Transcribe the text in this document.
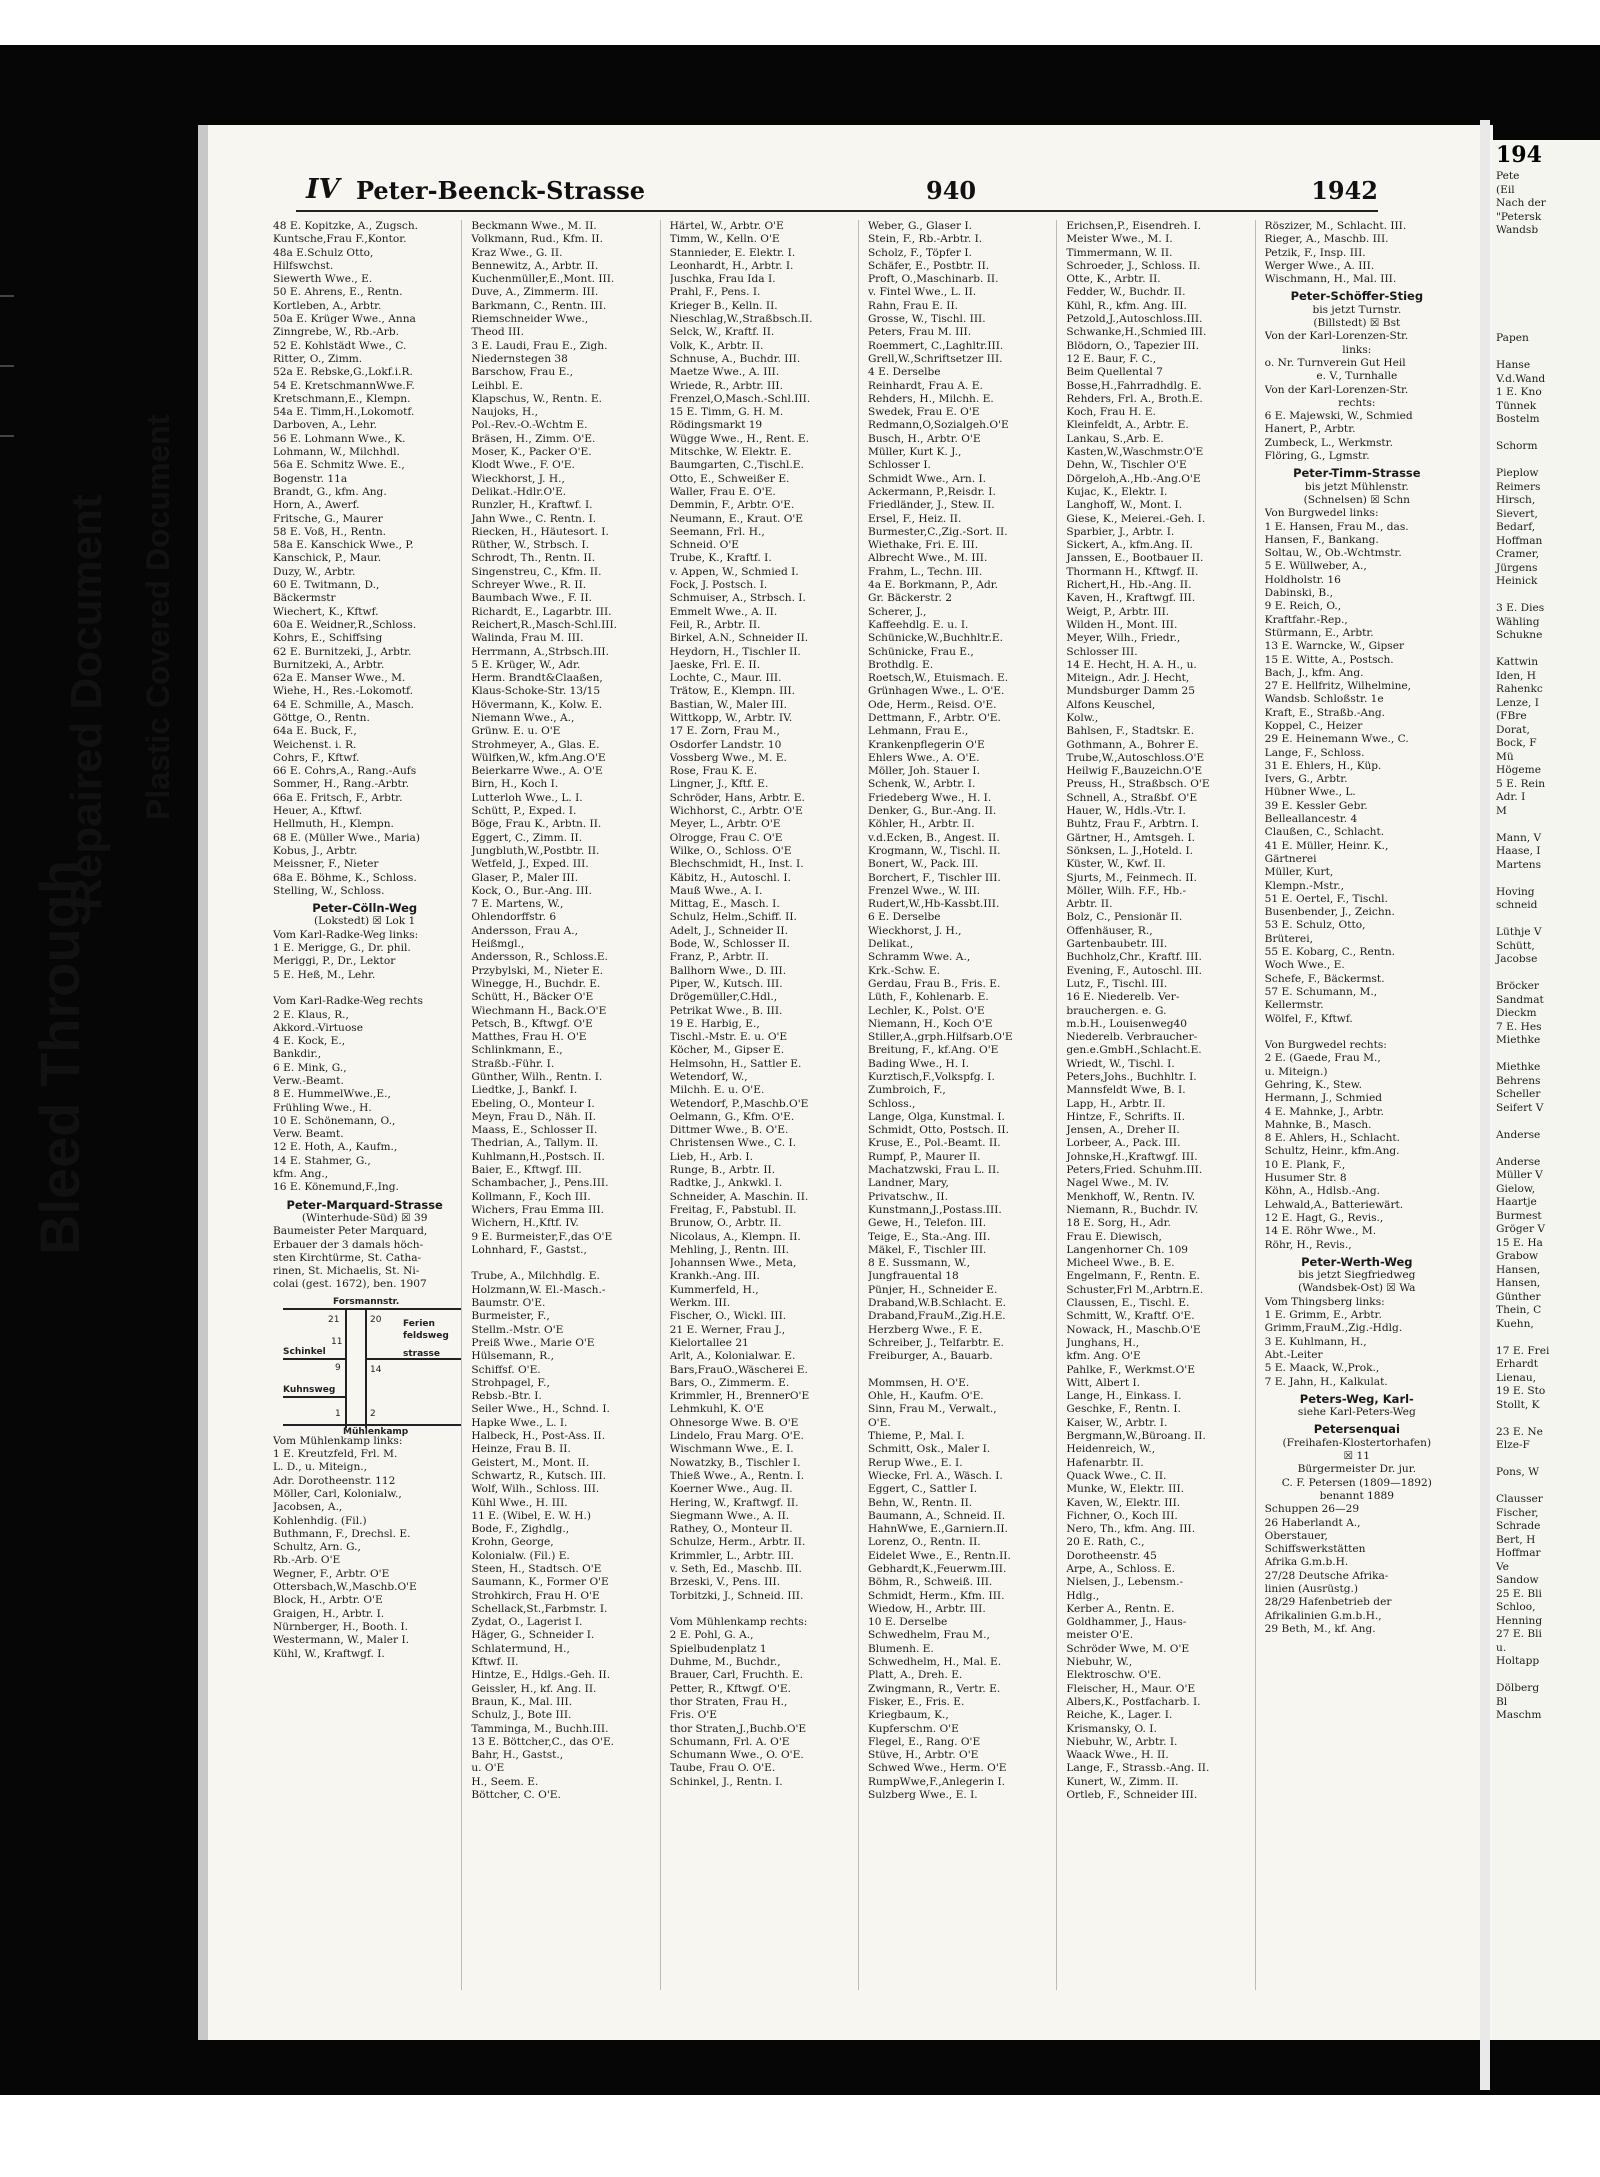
Bleed Through
Repaired Document Plastic Covered Document
IV Peter-Beenck-Strasse	940	1942
48 E. Kopitzke, A., Zugsch.
Kuntsche,Frau F.,Kontor.
48a E.Schulz Otto,
Hilfswchst.
Siewerth Wwe., E.
50 E. Ahrens, E., Rentn.
Kortleben, A., Arbtr.
50a E. Krüger Wwe., Anna
Zinngrebe, W., Rb.-Arb.
52 E. Kohlstädt Wwe., C.
Ritter, O., Zimm.
52a E. Rebske,G.,Lokf.i.R.
54 E. KretschmannWwe.F.
Kretschmann,E., Klempn.
54a E. Timm,H.,Lokomotf.
Darboven, A., Lehr.
56 E. Lohmann Wwe., K.
Lohmann, W., Milchhdl.
56a E. Schmitz Wwe. E.,
Bogenstr. 11a
Brandt, G., kfm. Ang.
Horn, A., Awerf.
Fritsche, G., Maurer
58 E. Voß, H., Rentn.
58a E. Kanschick Wwe., P.
Kanschick, P., Maur.
Duzy, W., Arbtr.
60 E. Twitmann, D.,
Bäckermstr
Wiechert, K., Kftwf.
60a E. Weidner,R.,Schloss.
Kohrs, E., Schiffsing
62 E. Burnitzeki, J., Arbtr.
Burnitzeki, A., Arbtr.
62a E. Manser Wwe., M.
Wiehe, H., Res.-Lokomotf.
64 E. Schmille, A., Masch.
Göttge, O., Rentn.
64a E. Buck, F.,
Weichenst. i. R.
Cohrs, F., Kftwf.
66 E. Cohrs,A., Rang.-Aufs
Sommer, H., Rang.-Arbtr.
66a E. Fritsch, F., Arbtr.
Heuer, A., Kftwf.
Hellmuth, H., Klempn.
68 E. (Müller Wwe., Maria)
Kobus, J., Arbtr.
Meissner, F., Nieter
68a E. Böhme, K., Schloss.
Stelling, W., Schloss.
Peter-Cölln-Weg
(Lokstedt) ☒ Lok 1
Vom Karl-Radke-Weg links:
1 E. Merigge, G., Dr. phil.
Meriggi, P., Dr., Lektor
5 E. Heß, M., Lehr.

Vom Karl-Radke-Weg rechts
2 E. Klaus, R.,
Akkord.-Virtuose
4 E. Kock, E.,
Bankdir.,
6 E. Mink, G.,
Verw.-Beamt.
8 E. HummelWwe.,E.,
Frühling Wwe., H.
10 E. Schönemann, O.,
Verw. Beamt.
12 E. Hoth, A., Kaufm.,
14 E. Stahmer, G.,
kfm. Ang.,
16 E. Könemund,F.,Ing.
Peter-Marquard-Strasse
(Winterhude-Süd) ☒ 39
Baumeister Peter Marquard,
Erbauer der 3 damals höch-
sten Kirchtürme, St. Catha-
rinen, St. Michaelis, St. Ni-
colai (gest. 1672), ben. 1907
Forsmannstr.
Schinkel
Kuhnsweg
Ferien
feldsweg
strasse
Mühlenkamp
21	20
11
9	14
1	2
Vom Mühlenkamp links:
1 E. Kreutzfeld, Frl. M.
L. D., u. Miteign.,
Adr. Dorotheenstr. 112
Möller, Carl, Kolonialw.,
Jacobsen, A.,
Kohlenhdig. (Fil.)
Buthmann, F., Drechsl. E.
Schultz, Arn. G.,
Rb.-Arb. O'E
Wegner, F., Arbtr. O'E
Ottersbach,W.,Maschb.O'E
Block, H., Arbtr. O'E
Graigen, H., Arbtr. I.
Nürnberger, H., Booth. I.
Westermann, W., Maler I.
Kühl, W., Kraftwgf. I.
Beckmann Wwe., M. II.
Volkmann, Rud., Kfm. II.
Kraz Wwe., G. II.
Bennewitz, A., Arbtr. II.
Kuchenmüller,E.,Mont. III.
Duve, A., Zimmerm. III.
Barkmann, C., Rentn. III.
Riemschneider Wwe.,
Theod III.
3 E. Laudi, Frau E., Zigh.
Niedernstegen 38
Barschow, Frau E.,
Leihbl. E.
Klapschus, W., Rentn. E.
Naujoks, H.,
Pol.-Rev.-O.-Wchtm E.
Bräsen, H., Zimm. O'E.
Moser, K., Packer O'E.
Klodt Wwe., F. O'E.
Wieckhorst, J. H.,
Delikat.-Hdlr.O'E.
Runzler, H., Kraftwf. I.
Jahn Wwe., C. Rentn. I.
Riecken, H., Häutesort. I.
Rüther, W., Strbsch. I.
Schrodt, Th., Rentn. II.
Singenstreu, C., Kfm. II.
Schreyer Wwe., R. II.
Baumbach Wwe., F. II.
Richardt, E., Lagarbtr. III.
Reichert,R.,Masch-Schl.III.
Walinda, Frau M. III.
Herrmann, A.,Strbsch.III.
5 E. Krüger, W., Adr.
Herm. Brandt&Claaßen,
Klaus-Schoke-Str. 13/15
Hövermann, K., Kolw. E.
Niemann Wwe., A.,
Grünw. E. u. O'E
Strohmeyer, A., Glas. E.
Wülfken,W., kfm.Ang.O'E
Beierkarre Wwe., A. O'E
Birn, H., Koch I.
Lutterloh Wwe., L. I.
Schütt, P., Exped. I.
Böge, Frau K., Arbtn. II.
Eggert, C., Zimm. II.
Jungbluth,W.,Postbtr. II.
Wetfeld, J., Exped. III.
Glaser, P., Maler III.
Kock, O., Bur.-Ang. III.
7 E. Martens, W.,
Ohlendorffstr. 6
Andersson, Frau A.,
Heißmgl.,
Andersson, R., Schloss.E.
Przybylski, M., Nieter E.
Winegge, H., Buchdr. E.
Schütt, H., Bäcker O'E
Wiechmann H., Back.O'E
Petsch, B., Kftwgf. O'E
Matthes, Frau H. O'E
Schlinkmann, E.,
Straßb.-Führ. I.
Günther, Wilh., Rentn. I.
Liedtke, J., Bankf. I.
Ebeling, O., Monteur I.
Meyn, Frau D., Näh. II.
Maass, E., Schlosser II.
Thedrian, A., Tallym. II.
Kuhlmann,H.,Postsch. II.
Baier, E., Kftwgf. III.
Schambacher, J., Pens.III.
Kollmann, F., Koch III.
Wichers, Frau Emma III.
Wichern, H.,Kftf. IV.
9 E. Burmeister,F.,das O'E
Lohnhard, F., Gastst.,

Trube, A., Milchhdlg. E.
Holzmann,W. El.-Masch.-
Baumstr. O'E.
Burmeister, F.,
Stellm.-Mstr. O'E
Preiß Wwe., Marie O'E
Hülsemann, R.,
Schiffsf. O'E.
Strohpagel, F.,
Rebsb.-Btr. I.
Seiler Wwe., H., Schnd. I.
Hapke Wwe., L. I.
Halbeck, H., Post-Ass. II.
Heinze, Frau B. II.
Geistert, M., Mont. II.
Schwartz, R., Kutsch. III.
Wolf, Wilh., Schloss. III.
Kühl Wwe., H. III.
11 E. (Wibel, E. W. H.)
Bode, F., Zighdlg.,
Krohn, George,
Kolonialw. (Fil.) E.
Steen, H., Stadtsch. O'E
Saumann, K., Former O'E
Strohkirch, Frau H. O'E
Schellack,St.,Farbmstr. I.
Zydat, O., Lagerist I.
Häger, G., Schneider I.
Schlatermund, H.,
Kftwf. II.
Hintze, E., Hdlgs.-Geh. II.
Geissler, H., kf. Ang. II.
Braun, K., Mal. III.
Schulz, J., Bote III.
Tamminga, M., Buchh.III.
13 E. Böttcher,C., das O'E.
Bahr, H., Gastst.,
u. O'E
H., Seem. E.
Böttcher, C. O'E.
Härtel, W., Arbtr. O'E
Timm, W., Kelln. O'E
Stannieder, E. Elektr. I.
Leonhardt, H., Arbtr. I.
Juschka, Frau Ida I.
Prahl, F., Pens. I.
Krieger B., Kelln. II.
Nieschlag,W.,Straßbsch.II.
Selck, W., Kraftf. II.
Volk, K., Arbtr. II.
Schnuse, A., Buchdr. III.
Maetze Wwe., A. III.
Wriede, R., Arbtr. III.
Frenzel,O,Masch.-Schl.III.
15 E. Timm, G. H. M.
Rödingsmarkt 19
Wügge Wwe., H., Rent. E.
Mitschke, W. Elektr. E.
Baumgarten, C.,Tischl.E.
Otto, E., Schweißer E.
Waller, Frau E. O'E.
Demmin, F., Arbtr. O'E.
Neumann, E., Kraut. O'E
Seemann, Frl. H.,
Schneid. O'E
Trube, K., Kraftf. I.
v. Appen, W., Schmied I.
Fock, J. Postsch. I.
Schmuiser, A., Strbsch. I.
Emmelt Wwe., A. II.
Feil, R., Arbtr. II.
Birkel, A.N., Schneider II.
Heydorn, H., Tischler II.
Jaeske, Frl. E. II.
Lochte, C., Maur. III.
Trätow, E., Klempn. III.
Bastian, W., Maler III.
Wittkopp, W., Arbtr. IV.
17 E. Zorn, Frau M.,
Osdorfer Landstr. 10
Vossberg Wwe., M. E.
Rose, Frau K. E.
Lingner, J., Kftf. E.
Schröder, Hans, Arbtr. E.
Wichhorst, C., Arbtr. O'E
Meyer, L., Arbtr. O'E
Olrogge, Frau C. O'E
Wilke, O., Schloss. O'E
Blechschmidt, H., Inst. I.
Käbitz, H., Autoschl. I.
Mauß Wwe., A. I.
Mittag, E., Masch. I.
Schulz, Helm.,Schiff. II.
Adelt, J., Schneider II.
Bode, W., Schlosser II.
Franz, P., Arbtr. II.
Ballhorn Wwe., D. III.
Piper, W., Kutsch. III.
Drögemüller,C.Hdl.,
Petrikat Wwe., B. III.
19 E. Harbig, E.,
Tischl.-Mstr. E. u. O'E
Köcher, M., Gipser E.
Helmsohn, H., Sattler E.
Wetendorf, W.,
Milchh. E. u. O'E.
Wetendorf, P.,Maschb.O'E
Oelmann, G., Kfm. O'E.
Dittmer Wwe., B. O'E.
Christensen Wwe., C. I.
Lieb, H., Arb. I.
Runge, B., Arbtr. II.
Radtke, J., Ankwkl. I.
Schneider, A. Maschin. II.
Freitag, F., Pabstubl. II.
Brunow, O., Arbtr. II.
Nicolaus, A., Klempn. II.
Mehling, J., Rentn. III.
Johannsen Wwe., Meta,
Krankh.-Ang. III.
Kummerfeld, H.,
Werkm. III.
Fischer, O., Wickl. III.
21 E. Werner, Frau J.,
Kielortallee 21
Arlt, A., Kolonialwar. E.
Bars,FrauO.,Wäscherei E.
Bars, O., Zimmerm. E.
Krimmler, H., BrennerO'E
Lehmkuhl, K. O'E
Ohnesorge Wwe. B. O'E
Lindelo, Frau Marg. O'E.
Wischmann Wwe., E. I.
Nowatzky, B., Tischler I.
Thieß Wwe., A., Rentn. I.
Koerner Wwe., Aug. II.
Hering, W., Kraftwgf. II.
Siegmann Wwe., A. II.
Rathey, O., Monteur II.
Schulze, Herm., Arbtr. II.
Krimmler, L., Arbtr. III.
v. Seth, Ed., Maschb. III.
Brzeski, V., Pens. III.
Torbitzki, J., Schneid. III.

Vom Mühlenkamp rechts:
2 E. Pohl, G. A.,
Spielbudenplatz 1
Duhme, M., Buchdr.,
Brauer, Carl, Fruchth. E.
Petter, R., Kftwgf. O'E.
thor Straten, Frau H.,
Fris. O'E
thor Straten,J.,Buchb.O'E
Schumann, Frl. A. O'E
Schumann Wwe., O. O'E.
Taube, Frau O. O'E.
Schinkel, J., Rentn. I.
Weber, G., Glaser I.
Stein, F., Rb.-Arbtr. I.
Scholz, F., Töpfer I.
Schäfer, E., Postbtr. II.
Proft, O.,Maschinarb. II.
v. Fintel Wwe., L. II.
Rahn, Frau E. II.
Grosse, W., Tischl. III.
Peters, Frau M. III.
Roemmert, C.,Laghltr.III.
Grell,W.,Schriftsetzer III.
4 E. Derselbe
Reinhardt, Frau A. E.
Rehders, H., Milchh. E.
Swedek, Frau E. O'E
Redmann,O,Sozialgeh.O'E
Busch, H., Arbtr. O'E
Müller, Kurt K. J.,
Schlosser I.
Schmidt Wwe., Arn. I.
Ackermann, P.,Reisdr. I.
Friedländer, J., Stew. II.
Ersel, F., Heiz. II.
Burmester,C.,Zig.-Sort. II.
Wiethake, Fri. E. III.
Albrecht Wwe., M. III.
Frahm, L., Techn. III.
4a E. Borkmann, P., Adr.
Gr. Bäckerstr. 2
Scherer, J.,
Kaffeehdlg. E. u. I.
Schünicke,W.,Buchhltr.E.
Schünicke, Frau E.,
Brothdlg. E.
Roetsch,W., Etuismach. E.
Grünhagen Wwe., L. O'E.
Ode, Herm., Reisd. O'E.
Dettmann, F., Arbtr. O'E.
Lehmann, Frau E.,
Krankenpflegerin O'E
Ehlers Wwe., A. O'E.
Möller, Joh. Stauer I.
Schenk, W., Arbtr. I.
Friedeberg Wwe., H. I.
Denker, G., Bur.-Ang. II.
Köhler, H., Arbtr. II.
v.d.Ecken, B., Angest. II.
Krogmann, W., Tischl. II.
Bonert, W., Pack. III.
Borchert, F., Tischler III.
Frenzel Wwe., W. III.
Rudert,W.,Hb-Kassbt.III.
6 E. Derselbe
Wieckhorst, J. H.,
Delikat.,
Schramm Wwe. A.,
Krk.-Schw. E.
Gerdau, Frau B., Fris. E.
Lüth, F., Kohlenarb. E.
Lechler, K., Polst. O'E
Niemann, H., Koch O'E
Stiller,A.,grph.Hilfsarb.O'E
Breitung, F., kf.Ang. O'E
Bading Wwe., H. I.
Kurztisch,F.,Volkspfg. I.
Zumbroich, F.,
Schloss.,
Lange, Olga, Kunstmal. I.
Schmidt, Otto, Postsch. II.
Kruse, E., Pol.-Beamt. II.
Rumpf, P., Maurer II.
Machatzwski, Frau L. II.
Landner, Mary,
Privatschw., II.
Kunstmann,J.,Postass.III.
Gewe, H., Telefon. III.
Teige, E., Sta.-Ang. III.
Mäkel, F., Tischler III.
8 E. Sussmann, W.,
Jungfrauental 18
Pünjer, H., Schneider E.
Draband,W.B.Schlacht. E.
Draband,FrauM.,Zig.H.E.
Herzberg Wwe., F. E.
Schreiber, J., Telfarbtr. E.
Freiburger, A., Bauarb.

Mommsen, H. O'E.
Ohle, H., Kaufm. O'E.
Sinn, Frau M., Verwalt.,
O'E.
Thieme, P., Mal. I.
Schmitt, Osk., Maler I.
Rerup Wwe., E. I.
Wiecke, Frl. A., Wäsch. I.
Eggert, C., Sattler I.
Behn, W., Rentn. II.
Baumann, A., Schneid. II.
HahnWwe, E.,Garniern.II.
Lorenz, O., Rentn. II.
Eidelet Wwe., E., Rentn.II.
Gebhardt,K.,Feuerwm.III.
Böhm, R., Schweiß. III.
Schmidt, Herm., Kfm. III.
Wiedow, H., Arbtr. III.
10 E. Derselbe
Schwedhelm, Frau M.,
Blumenh. E.
Schwedhelm, H., Mal. E.
Platt, A., Dreh. E.
Zwingmann, R., Vertr. E.
Fisker, E., Fris. E.
Kriegbaum, K.,
Kupferschm. O'E
Flegel, E., Rang. O'E
Stüve, H., Arbtr. O'E
Schwed Wwe., Herm. O'E
RumpWwe,F.,Anlegerin I.
Sulzberg Wwe., E. I.
Erichsen,P., Eisendreh. I.
Meister Wwe., M. I.
Timmermann, W. II.
Schroeder, J., Schloss. II.
Otte, K., Arbtr. II.
Fedder, W., Buchdr. II.
Kühl, R., kfm. Ang. III.
Petzold,J.,Autoschloss.III.
Schwanke,H.,Schmied III.
Blödorn, O., Tapezier III.
12 E. Baur, F. C.,
Beim Quellental 7
Bosse,H.,Fahrradhdlg. E.
Rehders, Frl. A., Broth.E.
Koch, Frau H. E.
Kleinfeldt, A., Arbtr. E.
Lankau, S.,Arb. E.
Kasten,W.,Waschmstr.O'E
Dehn, W., Tischler O'E
Dörgeloh,A.,Hb.-Ang.O'E
Kujac, K., Elektr. I.
Langhoff, W., Mont. I.
Giese, K., Meierei.-Geh. I.
Sparbier, J., Arbtr. I.
Sickert, A., kfm.Ang. II.
Janssen, E., Bootbauer II.
Thormann H., Kftwgf. II.
Richert,H., Hb.-Ang. II.
Kaven, H., Kraftwgf. III.
Weigt, P., Arbtr. III.
Wilden H., Mont. III.
Meyer, Wilh., Friedr.,
Schlosser III.
14 E. Hecht, H. A. H., u.
Miteign., Adr. J. Hecht,
Mundsburger Damm 25
Alfons Keuschel,
Kolw.,
Bahlsen, F., Stadtskr. E.
Gothmann, A., Bohrer E.
Trube,W.,Autoschloss.O'E
Heilwig F.,Bauzeichn.O'E
Preuss, H., Straßbsch. O'E
Schnell, A., Straßbf. O'E
Hauer, W., Hdls.-Vtr. I.
Buhtz, Frau F., Arbtrn. I.
Gärtner, H., Amtsgeh. I.
Sönksen, L. J.,Hoteld. I.
Küster, W., Kwf. II.
Sjurts, M., Feinmech. II.
Möller, Wilh. F.F., Hb.-
Arbtr. II.
Bolz, C., Pensionär II.
Offenhäuser, R.,
Gartenbaubetr. III.
Buchholz,Chr., Kraftf. III.
Evening, F., Autoschl. III.
Lutz, F., Tischl. III.
16 E. Niederelb. Ver-
brauchergen. e. G.
m.b.H., Louisenweg40
Niederelb. Verbraucher-
gen.e.GmbH.,Schlacht.E.
Wriedt, W., Tischl. I.
Peters,Johs., Buchhltr. I.
Mannsfeldt Wwe, B. I.
Lapp, H., Arbtr. II.
Hintze, F., Schrifts. II.
Jensen, A., Dreher II.
Lorbeer, A., Pack. III.
Johnske,H.,Kraftwgf. III.
Peters,Fried. Schuhm.III.
Nagel Wwe., M. IV.
Menkhoff, W., Rentn. IV.
Niemann, R., Buchdr. IV.
18 E. Sorg, H., Adr.
Frau E. Diewisch,
Langenhorner Ch. 109
Micheel Wwe., B. E.
Engelmann, F., Rentn. E.
Schuster,Frl M.,Arbtrn.E.
Claussen, E., Tischl. E.
Schmitt, W., Kraftf. O'E.
Nowack, H., Maschb.O'E
Junghans, H.,
kfm. Ang. O'E
Pahlke, F., Werkmst.O'E
Witt, Albert I.
Lange, H., Einkass. I.
Geschke, F., Rentn. I.
Kaiser, W., Arbtr. I.
Bergmann,W.,Büroang. II.
Heidenreich, W.,
Hafenarbtr. II.
Quack Wwe., C. II.
Munke, W., Elektr. III.
Kaven, W., Elektr. III.
Fichner, O., Koch III.
Nero, Th., kfm. Ang. III.
20 E. Rath, C.,
Dorotheenstr. 45
Arpe, A., Schloss. E.
Nielsen, J., Lebensm.-
Hdlg.,
Kerber A., Rentn. E.
Goldhammer, J., Haus-
meister O'E.
Schröder Wwe, M. O'E
Niebuhr, W.,
Elektroschw. O'E.
Fleischer, H., Maur. O'E
Albers,K., Postfacharb. I.
Reiche, K., Lager. I.
Krismansky, O. I.
Niebuhr, W., Arbtr. I.
Waack Wwe., H. II.
Lange, F., Strassb.-Ang. II.
Kunert, W., Zimm. II.
Ortleb, F., Schneider III.
Röszizer, M., Schlacht. III.
Rieger, A., Maschb. III.
Petzik, F., Insp. III.
Werger Wwe., A. III.
Wischmann, H., Mal. III.
Peter-Schöffer-Stieg
bis jetzt Turnstr.
(Billstedt) ☒ Bst
Von der Karl-Lorenzen-Str.
links:
o. Nr. Turnverein Gut Heil
e. V., Turnhalle
Von der Karl-Lorenzen-Str.
rechts:
6 E. Majewski, W., Schmied
Hanert, P., Arbtr.
Zumbeck, L., Werkmstr.
Flöring, G., Lgmstr.
Peter-Timm-Strasse
bis jetzt Mühlenstr.
(Schnelsen) ☒ Schn
Von Burgwedel links:
1 E. Hansen, Frau M., das.
Hansen, F., Bankang.
Soltau, W., Ob.-Wchtmstr.
5 E. Wüllweber, A.,
Holdholstr. 16
Dabinski, B.,
9 E. Reich, O.,
Kraftfahr.-Rep.,
Stürmann, E., Arbtr.
13 E. Warncke, W., Gipser
15 E. Witte, A., Postsch.
Bach, J., kfm. Ang.
27 E. Hellfritz, Wilhelmine,
Wandsb. Schloßstr. 1e
Kraft, E., Straßb.-Ang.
Koppel, C., Heizer
29 E. Heinemann Wwe., C.
Lange, F., Schloss.
31 E. Ehlers, H., Küp.
Ivers, G., Arbtr.
Hübner Wwe., L.
39 E. Kessler Gebr.
Belleallancestr. 4
Claußen, C., Schlacht.
41 E. Müller, Heinr. K.,
Gärtnerei
Müller, Kurt,
Klempn.-Mstr.,
51 E. Oertel, F., Tischl.
Busenbender, J., Zeichn.
53 E. Schulz, Otto,
Brüterei,
55 E. Kobarg, C., Rentn.
Woch Wwe., E.
Schefe, F., Bäckermst.
57 E. Schumann, M.,
Kellermstr.
Wölfel, F., Kftwf.

Von Burgwedel rechts:
2 E. (Gaede, Frau M.,
u. Miteign.)
Gehring, K., Stew.
Hermann, J., Schmied
4 E. Mahnke, J., Arbtr.
Mahnke, B., Masch.
8 E. Ahlers, H., Schlacht.
Schultz, Heinr., kfm.Ang.
10 E. Plank, F.,
Husumer Str. 8
Köhn, A., Hdlsb.-Ang.
Lehwald,A., Batteriewärt.
12 E. Hagt, G., Revis.,
14 E. Röhr Wwe., M.
Röhr, H., Revis.,
Peter-Werth-Weg
bis jetzt Siegfriedweg
(Wandsbek-Ost) ☒ Wa
Vom Thingsberg links:
1 E. Grimm, E., Arbtr.
Grimm,FrauM.,Zig.-Hdlg.
3 E. Kuhlmann, H.,
Abt.-Leiter
5 E. Maack, W.,Prok.,
7 E. Jahn, H., Kalkulat.
Peters-Weg, Karl-
siehe Karl-Peters-Weg
Petersenquai
(Freihafen-Klostertorhafen)
☒ 11
Bürgermeister Dr. jur.
C. F. Petersen (1809—1892)
benannt 1889
Schuppen 26—29
26 Haberlandt A.,
Oberstauer,
Schiffswerkstätten
Afrika G.m.b.H.
27/28 Deutsche Afrika-
linien (Ausrüstg.)
28/29 Hafenbetrieb der
Afrikalinien G.m.b.H.,
29 Beth, M., kf. Ang.
194
Pete
(Eil
Nach der
"Petersk
Wandsb

Papen

Hanse
V.d.Wand
1 E. Kno
Tünnek
Bostelm

Schorm

Pieplow
Reimers
Hirsch,
Sievert,
Bedarf,
Hoffman
Cramer,
Jürgens
Heinick

3 E. Dies
Wähling
Schukne

Kattwin
Iden, H
Rahenkc
Lenze, I
(FBre
Dorat,
Bock, F
Mü
Högeme
5 E. Rein
Adr. I
M

Mann, V
Haase, I
Martens

Hoving
schneid

Lüthje V
Schütt,
Jacobse

Bröcker
Sandmat
Dieckm
7 E. Hes
Miethke

Miethke
Behrens
Scheller
Seifert V

Anderse

Anderse
Müller V
Gielow,
Haartje
Burmest
Gröger V
15 E. Ha
Grabow
Hansen,
Hansen,
Günther
Thein, C
Kuehn,

17 E. Frei
Erhardt
Lienau,
19 E. Sto
Stollt, K

23 E. Ne
Elze-F

Pons, W

Clausser
Fischer,
Schrade
Bert, H
Hoffmar
Ve
Sandow
25 E. Bli
Schloo,
Henning
27 E. Bli
u.
Holtapp

Dölberg
Bl
Maschm
